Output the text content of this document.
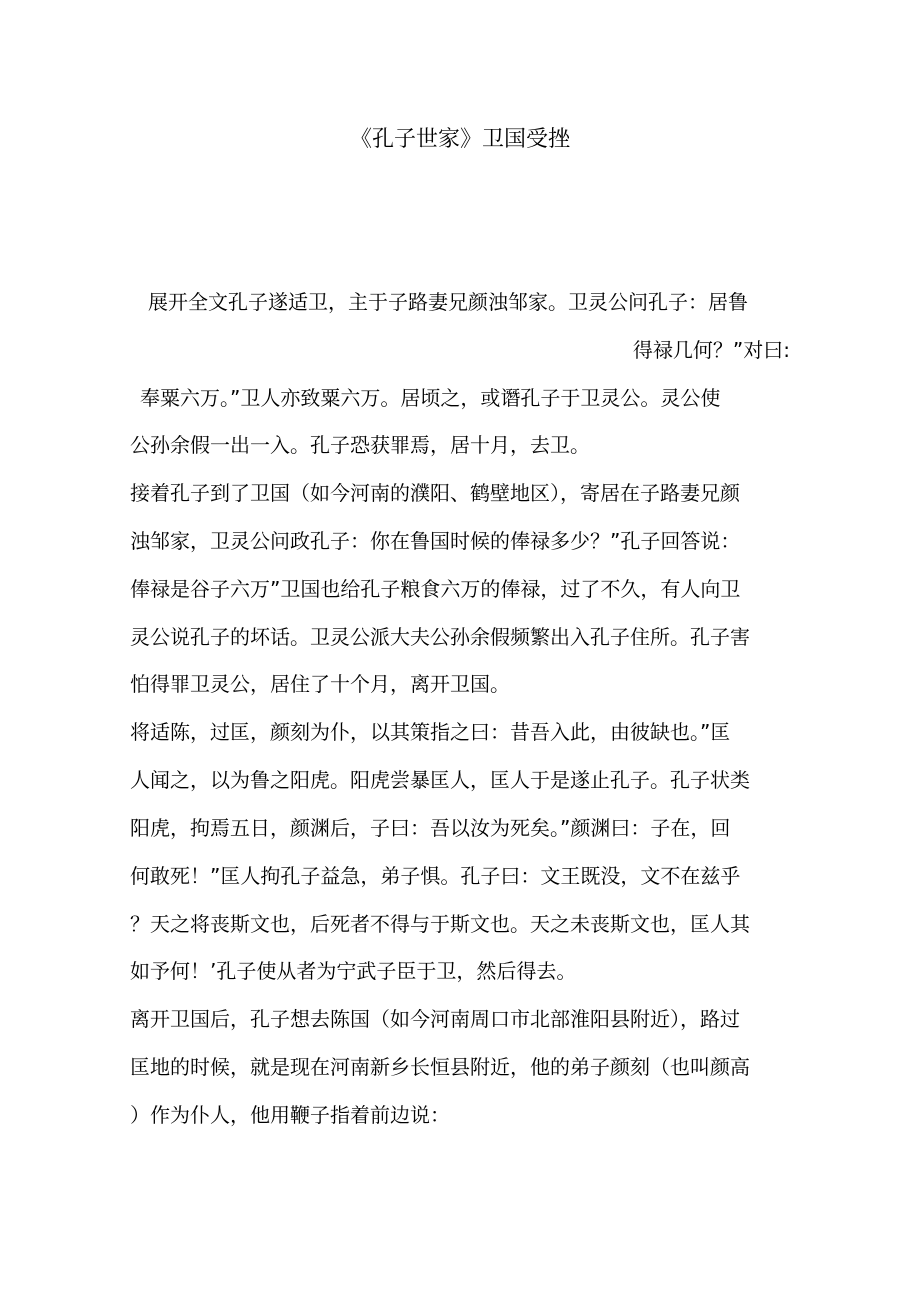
《孔子世家》卫国受挫
展开全文孔子遂适卫，主于子路妻兄颜浊邹家。卫灵公问孔子：居鲁
得禄几何？”对曰:
奉粟六万。”卫人亦致粟六万。居顷之，或谮孔子于卫灵公。灵公使
公孙余假一出一入。孔子恐获罪焉，居十月，去卫。
接着孔子到了卫国（如今河南的濮阳、鹤壁地区），寄居在子路妻兄颜
浊邹家，卫灵公问政孔子：你在鲁国时候的俸禄多少？”孔子回答说：
俸禄是谷子六万”卫国也给孔子粮食六万的俸禄，过了不久，有人向卫
灵公说孔子的坏话。卫灵公派大夫公孙余假频繁出入孔子住所。孔子害
怕得罪卫灵公，居住了十个月，离开卫国。
将适陈，过匡，颜刻为仆，以其策指之曰：昔吾入此，由彼缺也。”匡
人闻之，以为鲁之阳虎。阳虎尝暴匡人，匡人于是遂止孔子。孔子状类
阳虎，拘焉五日，颜渊后，子曰：吾以汝为死矣。”颜渊曰：子在，回
何敢死！”匡人拘孔子益急，弟子惧。孔子曰：文王既没，文不在兹乎
？天之将丧斯文也，后死者不得与于斯文也。天之未丧斯文也，匡人其
如予何！’孔子使从者为宁武子臣于卫，然后得去。
离开卫国后，孔子想去陈国（如今河南周口市北部淮阳县附近），路过
匡地的时候，就是现在河南新乡长恒县附近，他的弟子颜刻（也叫颜高
）作为仆人，他用鞭子指着前边说：
